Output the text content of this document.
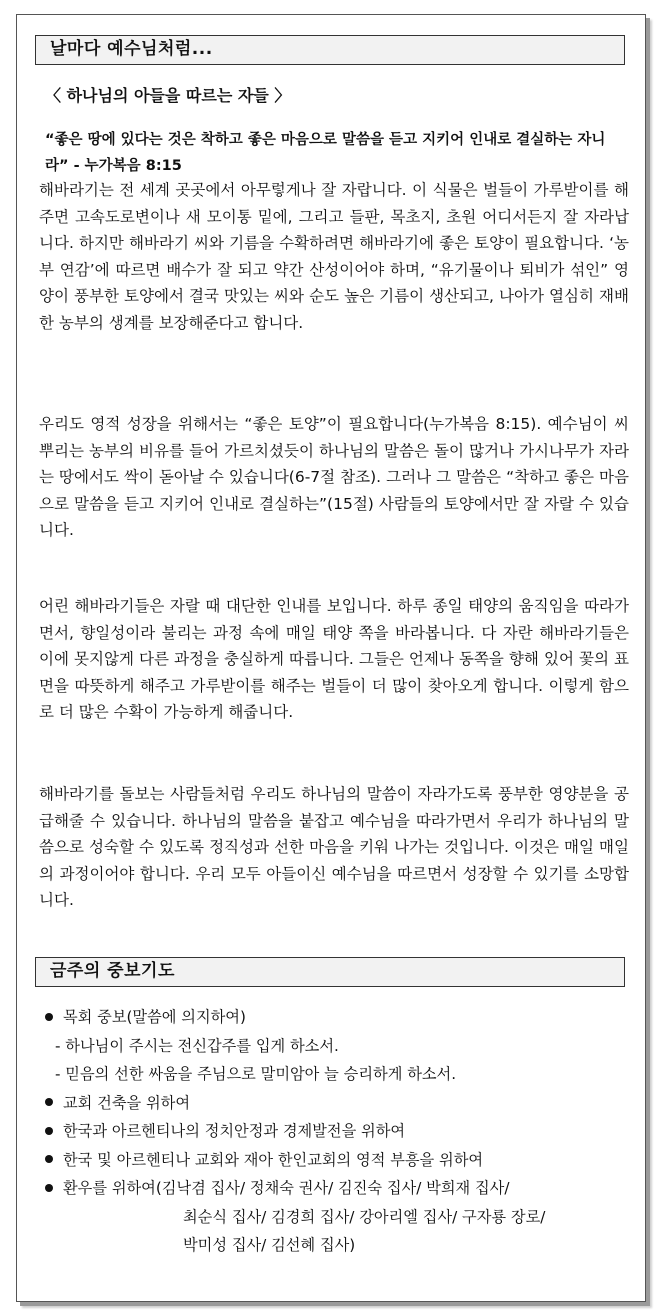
날마다 예수님처럼...
〈 하나님의 아들을 따르는 자들 〉
“좋은 땅에 있다는 것은 착하고 좋은 마음으로 말씀을 듣고 지키어 인내로 결실하는 자니라” - 누가복음 8:15

해바라기는 전 세계 곳곳에서 아무렇게나 잘 자랍니다. 이 식물은 벌들이 가루받이를 해주면 고속도로변이나 새 모이통 밑에, 그리고 들판, 목초지, 초원 어디서든지 잘 자라납니다. 하지만 해바라기 씨와 기름을 수확하려면 해바라기에 좋은 토양이 필요합니다. ‘농부 연감’에 따르면 배수가 잘 되고 약간 산성이어야 하며, “유기물이나 퇴비가 섞인” 영양이 풍부한 토양에서 결국 맛있는 씨와 순도 높은 기름이 생산되고, 나아가 열심히 재배한 농부의 생계를 보장해준다고 합니다.

우리도 영적 성장을 위해서는 “좋은 토양”이 필요합니다(누가복음 8:15). 예수님이 씨 뿌리는 농부의 비유를 들어 가르치셨듯이 하나님의 말씀은 돌이 많거나 가시나무가 자라는 땅에서도 싹이 돋아날 수 있습니다(6-7절 참조). 그러나 그 말씀은 “착하고 좋은 마음으로 말씀을 듣고 지키어 인내로 결실하는”(15절) 사람들의 토양에서만 잘 자랄 수 있습니다.

어린 해바라기들은 자랄 때 대단한 인내를 보입니다. 하루 종일 태양의 움직임을 따라가면서, 향일성이라 불리는 과정 속에 매일 태양 쪽을 바라봅니다. 다 자란 해바라기들은 이에 못지않게 다른 과정을 충실하게 따릅니다. 그들은 언제나 동쪽을 향해 있어 꽃의 표면을 따뜻하게 해주고 가루받이를 해주는 벌들이 더 많이 찾아오게 합니다. 이렇게 함으로 더 많은 수확이 가능하게 해줍니다.

해바라기를 돌보는 사람들처럼 우리도 하나님의 말씀이 자라가도록 풍부한 영양분을 공급해줄 수 있습니다. 하나님의 말씀을 붙잡고 예수님을 따라가면서 우리가 하나님의 말씀으로 성숙할 수 있도록 정직성과 선한 마음을 키워 나가는 것입니다. 이것은 매일 매일의 과정이어야 합니다. 우리 모두 아들이신 예수님을 따르면서 성장할 수 있기를 소망합니다.

금주의 중보기도
목회 중보(말씀에 의지하여)
- 하나님이 주시는 전신갑주를 입게 하소서.
- 믿음의 선한 싸움을 주님으로 말미암아 늘 승리하게 하소서.
교회 건축을 위하여
한국과 아르헨티나의 정치안정과 경제발전을 위하여
한국 및 아르헨티나 교회와 재아 한인교회의 영적 부흥을 위하여
환우를 위하여(김낙겸 집사/ 정채숙 권사/ 김진숙 집사/ 박희재 집사/
최순식 집사/ 김경희 집사/ 강아리엘 집사/ 구자룡 장로/
박미성 집사/ 김선혜 집사)
